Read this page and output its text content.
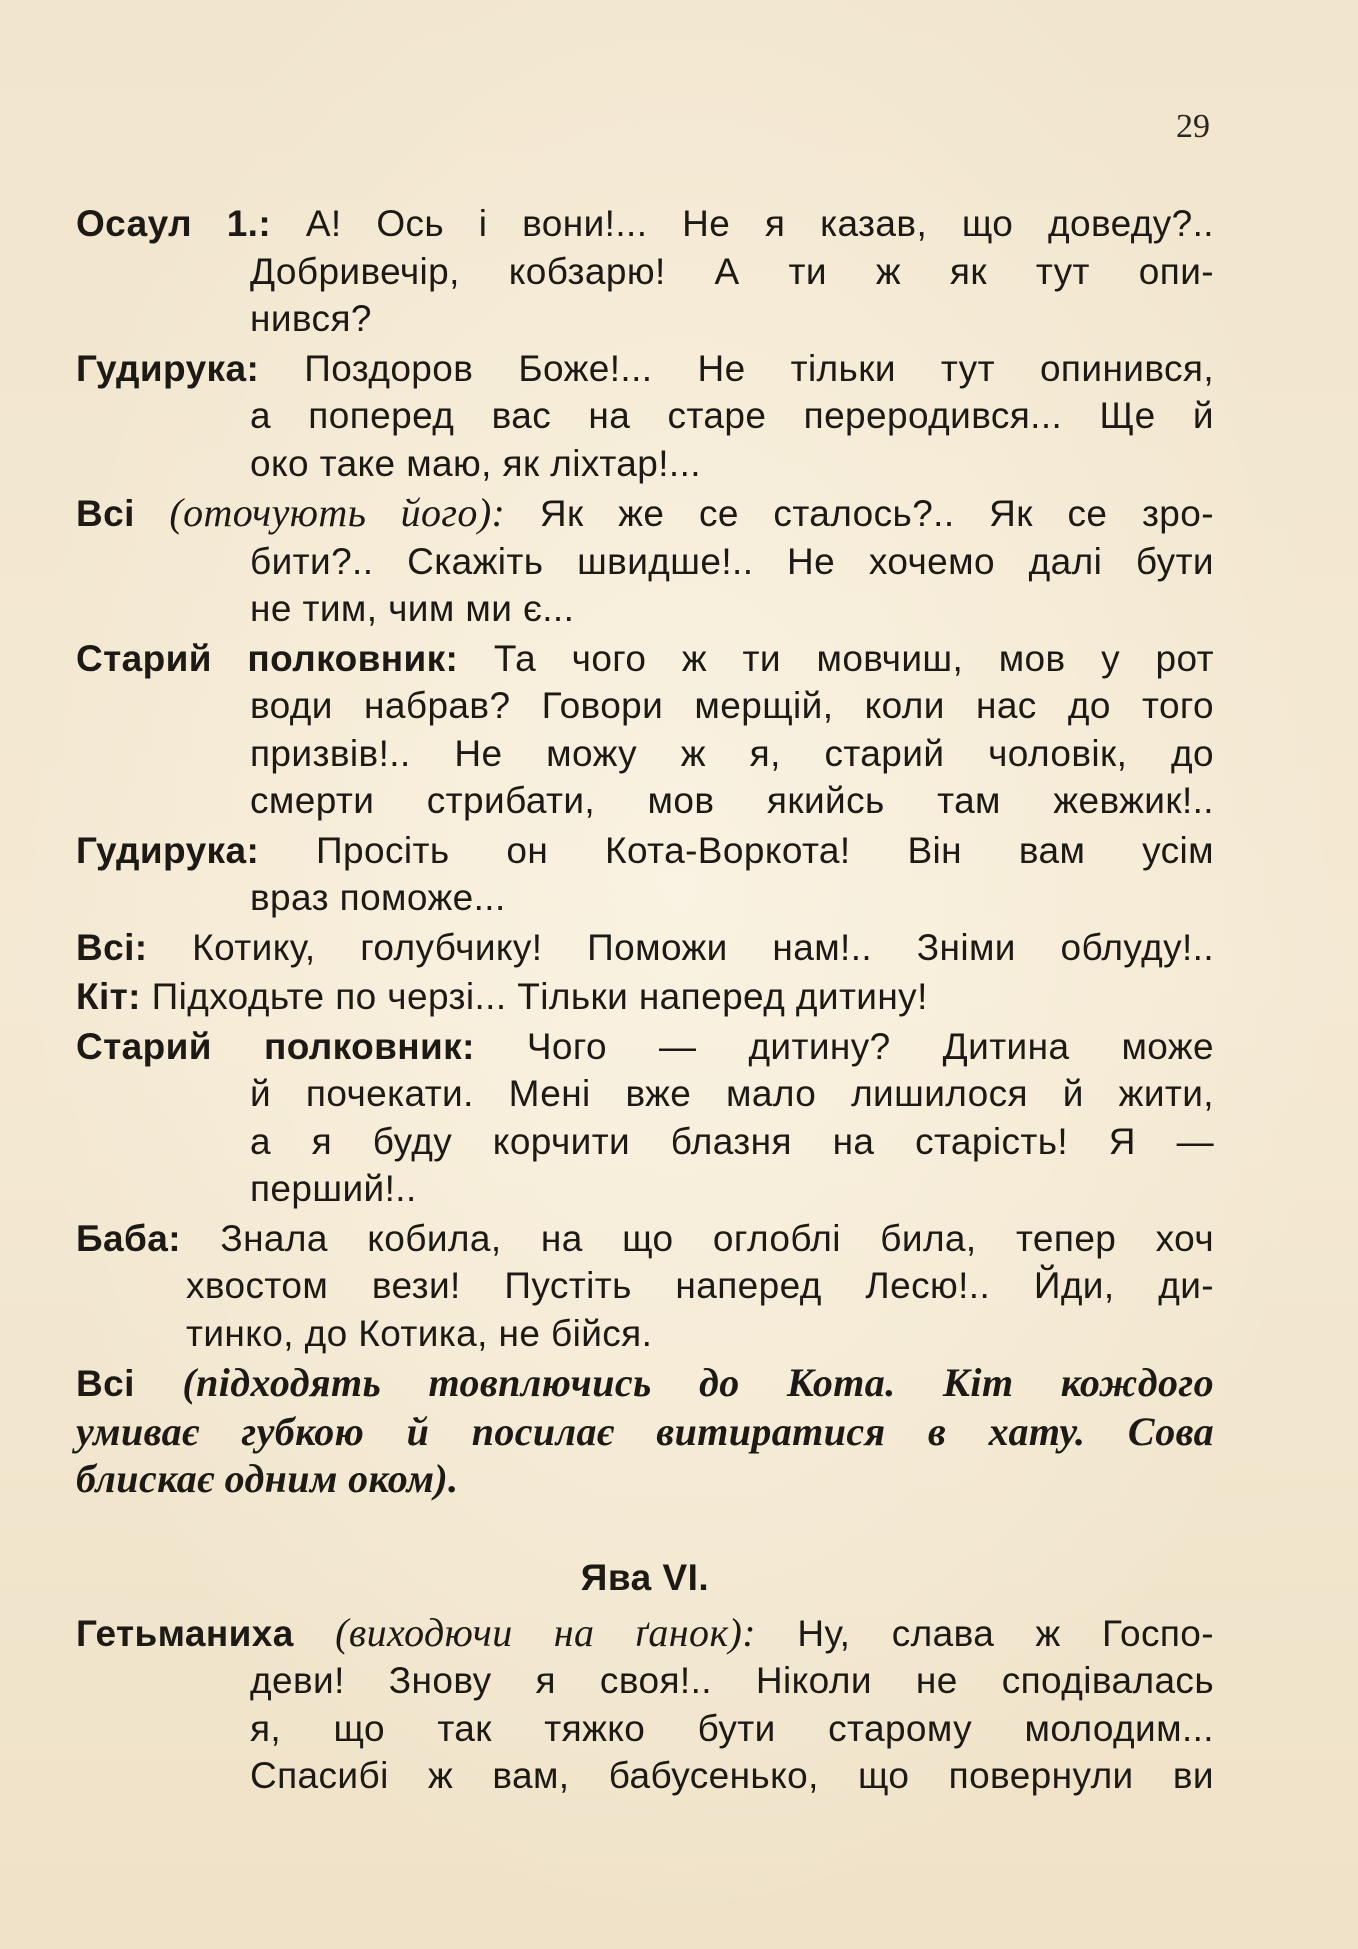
29
Осаул 1.: А! Ось і вони!... Не я казав, що доведу?..
Добривечір, кобзарю! А ти ж як тут опи-
нився?
Гудирука: Поздоров Боже!... Не тільки тут опинився,
а поперед вас на старе переродився... Ще й
око таке маю, як ліхтар!...
Всі (оточують його): Як же се сталось?.. Як се зро-
бити?.. Скажіть швидше!.. Не хочемо далі бути
не тим, чим ми є...
Старий полковник: Та чого ж ти мовчиш, мов у рот
води набрав? Говори мерщій, коли нас до того
призвів!.. Не можу ж я, старий чоловік, до
смерти стрибати, мов якийсь там жевжик!..
Гудирука: Просіть он Кота-Воркота! Він вам усім
враз поможе...
Всі: Котику, голубчику! Поможи нам!.. Зніми облуду!..
Кіт: Підходьте по черзі... Тільки наперед дитину!
Старий полковник: Чого — дитину? Дитина може
й почекати. Мені вже мало лишилося й жити,
а я буду корчити блазня на старість! Я —
перший!..
Баба: Знала кобила, на що оглоблі била, тепер хоч
хвостом вези! Пустіть наперед Лесю!.. Йди, ди-
тинко, до Котика, не бійся.
Всі (підходять товплючись до Кота. Кіт кождого
умиває губкою й посилає витиратися в хату. Сова
блискає одним оком).
Ява VI.
Гетьманиха (виходючи на ґанок): Ну, слава ж Госпо-
деви! Знову я своя!.. Ніколи не сподівалась
я, що так тяжко бути старому молодим...
Спасибі ж вам, бабусенько, що повернули ви
